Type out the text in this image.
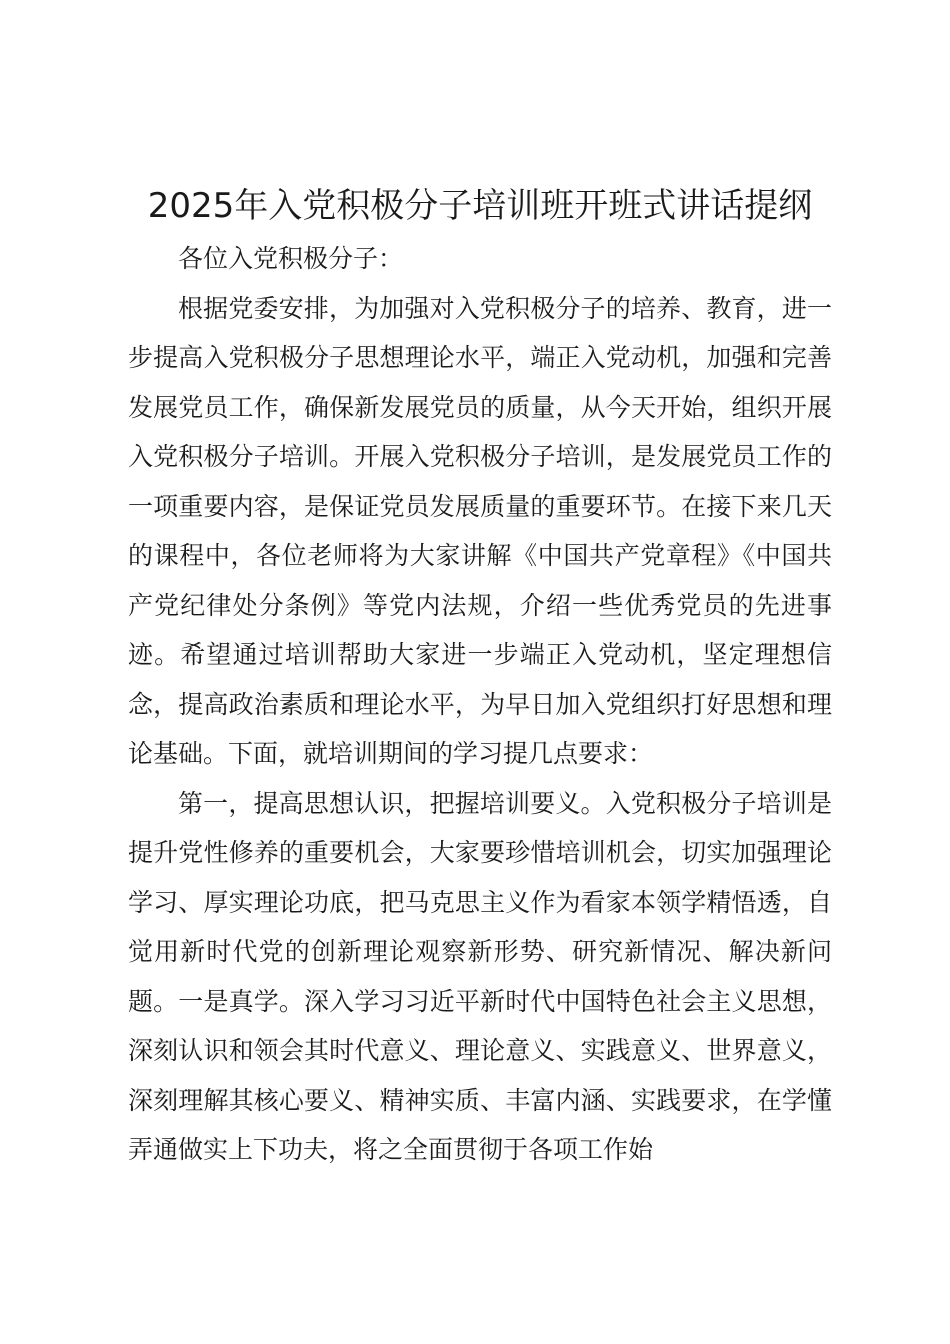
2025年入党积极分子培训班开班式讲话提纲

各位入党积极分子：

根据党委安排，为加强对入党积极分子的培养、教育，进一步提高入党积极分子思想理论水平，端正入党动机，加强和完善发展党员工作，确保新发展党员的质量，从今天开始，组织开展入党积极分子培训。开展入党积极分子培训，是发展党员工作的一项重要内容，是保证党员发展质量的重要环节。在接下来几天的课程中，各位老师将为大家讲解《中国共产党章程》《中国共产党纪律处分条例》等党内法规，介绍一些优秀党员的先进事迹。希望通过培训帮助大家进一步端正入党动机，坚定理想信念，提高政治素质和理论水平，为早日加入党组织打好思想和理论基础。下面，就培训期间的学习提几点要求：

第一，提高思想认识，把握培训要义。入党积极分子培训是提升党性修养的重要机会，大家要珍惜培训机会，切实加强理论学习、厚实理论功底，把马克思主义作为看家本领学精悟透，自觉用新时代党的创新理论观察新形势、研究新情况、解决新问题。一是真学。深入学习习近平新时代中国特色社会主义思想，深刻认识和领会其时代意义、理论意义、实践意义、世界意义，深刻理解其核心要义、精神实质、丰富内涵、实践要求，在学懂弄通做实上下功夫，将之全面贯彻于各项工作始
